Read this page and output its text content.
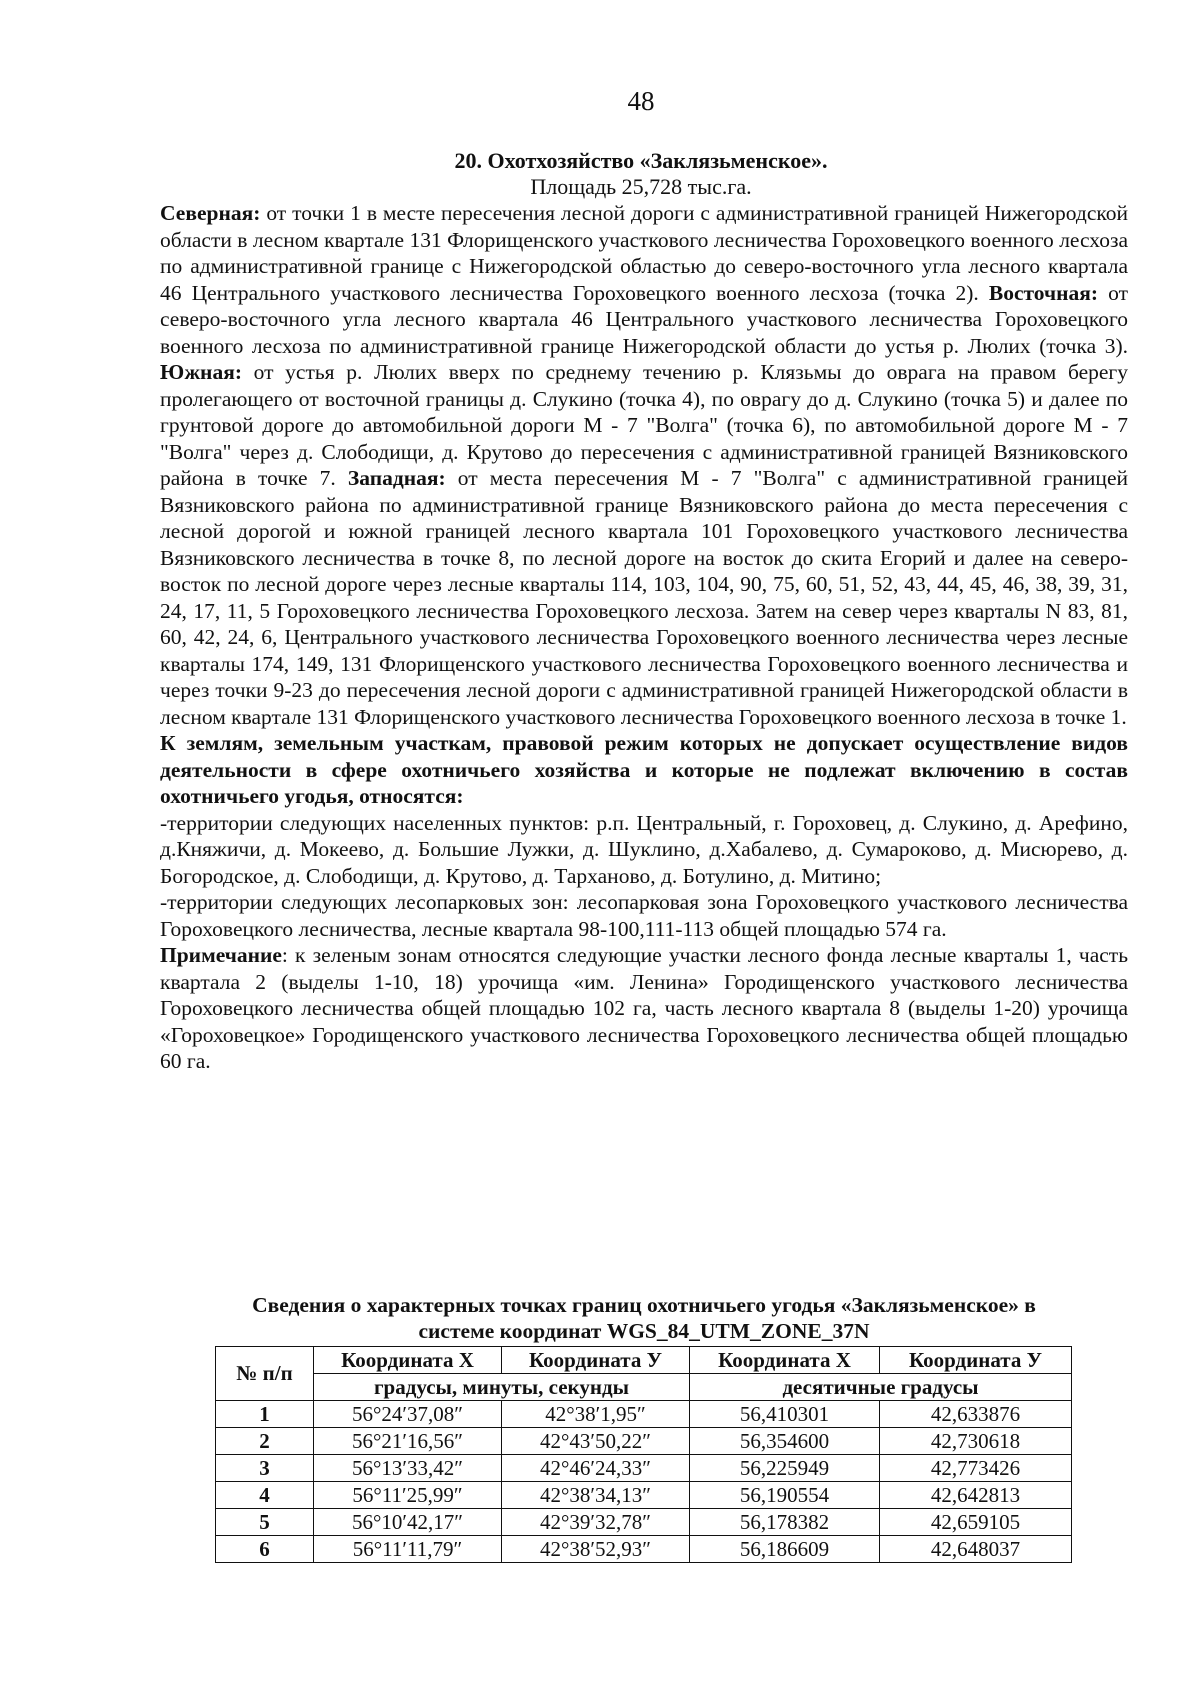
48
20. Охотхозяйство «Заклязьменское».
Площадь 25,728 тыс.га.

Северная: от точки 1 в месте пересечения лесной дороги с административной границей Нижегородской области в лесном квартале 131 Флорищенского участкового лесничества Гороховецкого военного лесхоза по административной границе с Нижегородской областью до северо-восточного угла лесного квартала 46 Центрального участкового лесничества Гороховецкого военного лесхоза (точка 2). Восточная: от северо-восточного угла лесного квартала 46 Центрального участкового лесничества Гороховецкого военного лесхоза по административной границе Нижегородской области до устья р. Люлих (точка 3). Южная: от устья р. Люлих вверх по среднему течению р. Клязьмы до оврага на правом берегу пролегающего от восточной границы д. Слукино (точка 4), по оврагу до д. Слукино (точка 5) и далее по грунтовой дороге до автомобильной дороги М - 7 "Волга" (точка 6), по автомобильной дороге М - 7 "Волга" через д. Слободищи, д. Крутово до пересечения с административной границей Вязниковского района в точке 7. Западная: от места пересечения М - 7 "Волга" с административной границей Вязниковского района по административной границе Вязниковского района до места пересечения с лесной дорогой и южной границей лесного квартала 101 Гороховецкого участкового лесничества Вязниковского лесничества в точке 8, по лесной дороге на восток до скита Егорий и далее на северо-восток по лесной дороге через лесные кварталы 114, 103, 104, 90, 75, 60, 51, 52, 43, 44, 45, 46, 38, 39, 31, 24, 17, 11, 5 Гороховецкого лесничества Гороховецкого лесхоза. Затем на север через кварталы N 83, 81, 60, 42, 24, 6, Центрального участкового лесничества Гороховецкого военного лесничества через лесные кварталы 174, 149, 131 Флорищенского участкового лесничества Гороховецкого военного лесничества и через точки 9-23 до пересечения лесной дороги с административной границей Нижегородской области в лесном квартале 131 Флорищенского участкового лесничества Гороховецкого военного лесхоза в точке 1.

К землям, земельным участкам, правовой режим которых не допускает осуществление видов деятельности в сфере охотничьего хозяйства и которые не подлежат включению в состав охотничьего угодья, относятся:

-территории следующих населенных пунктов: р.п. Центральный, г. Гороховец, д. Слукино, д. Арефино, д.Княжичи, д. Мокеево, д. Большие Лужки, д. Шуклино, д.Хабалево, д. Сумароково, д. Мисюрево, д. Богородское, д. Слободищи, д. Крутово, д. Тарханово, д. Ботулино, д. Митино;

-территории следующих лесопарковых зон: лесопарковая зона Гороховецкого участкового лесничества Гороховецкого лесничества, лесные квартала 98-100,111-113 общей площадью 574 га.

Примечание: к зеленым зонам относятся следующие участки лесного фонда лесные кварталы 1, часть квартала 2 (выделы 1-10, 18) урочища «им. Ленина» Городищенского участкового лесничества Гороховецкого лесничества общей площадью 102 га, часть лесного квартала 8 (выделы 1-20) урочища «Гороховецкое» Городищенского участкового лесничества Гороховецкого лесничества общей площадью 60 га.

Сведения о характерных точках границ охотничьего угодья «Заклязьменское» в
системе координат WGS_84_UTM_ZONE_37N
№ п/п	Координата X	Координата У	Координата X	Координата У
	градусы, минуты, секунды		десятичные градусы	
1	56°24′37,08″	42°38′1,95″	56,410301	42,633876
2	56°21′16,56″	42°43′50,22″	56,354600	42,730618
3	56°13′33,42″	42°46′24,33″	56,225949	42,773426
4	56°11′25,99″	42°38′34,13″	56,190554	42,642813
5	56°10′42,17″	42°39′32,78″	56,178382	42,659105
6	56°11′11,79″	42°38′52,93″	56,186609	42,648037
